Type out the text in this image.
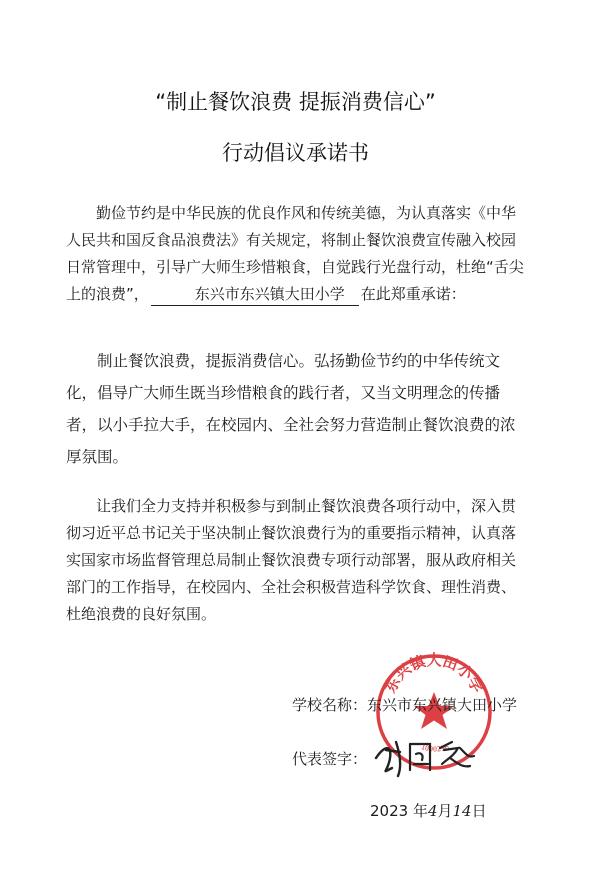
“制止餐饮浪费 提振消费信心”
行动倡议承诺书

勤俭节约是中华民族的优良作风和传统美德，为认真落实《中华人民共和国反食品浪费法》有关规定，将制止餐饮浪费宣传融入校园日常管理中，引导广大师生珍惜粮食，自觉践行光盘行动，杜绝“舌尖上的浪费”，	东兴市东兴镇大田小学 在此郑重承诺：

制止餐饮浪费，提振消费信心。弘扬勤俭节约的中华传统文化，倡导广大师生既当珍惜粮食的践行者，又当文明理念的传播者，以小手拉大手，在校园内、全社会努力营造制止餐饮浪费的浓厚氛围。

让我们全力支持并积极参与到制止餐饮浪费各项行动中，深入贯彻习近平总书记关于坚决制止餐饮浪费行为的重要指示精神，认真落实国家市场监督管理总局制止餐饮浪费专项行动部署，服从政府相关部门的工作指导，在校园内、全社会积极营造科学饮食、理性消费、杜绝浪费的良好氛围。

东兴镇大田小学
1000296
学校名称：东兴市东兴镇大田小学
代表签字：
2023 年4月14日
